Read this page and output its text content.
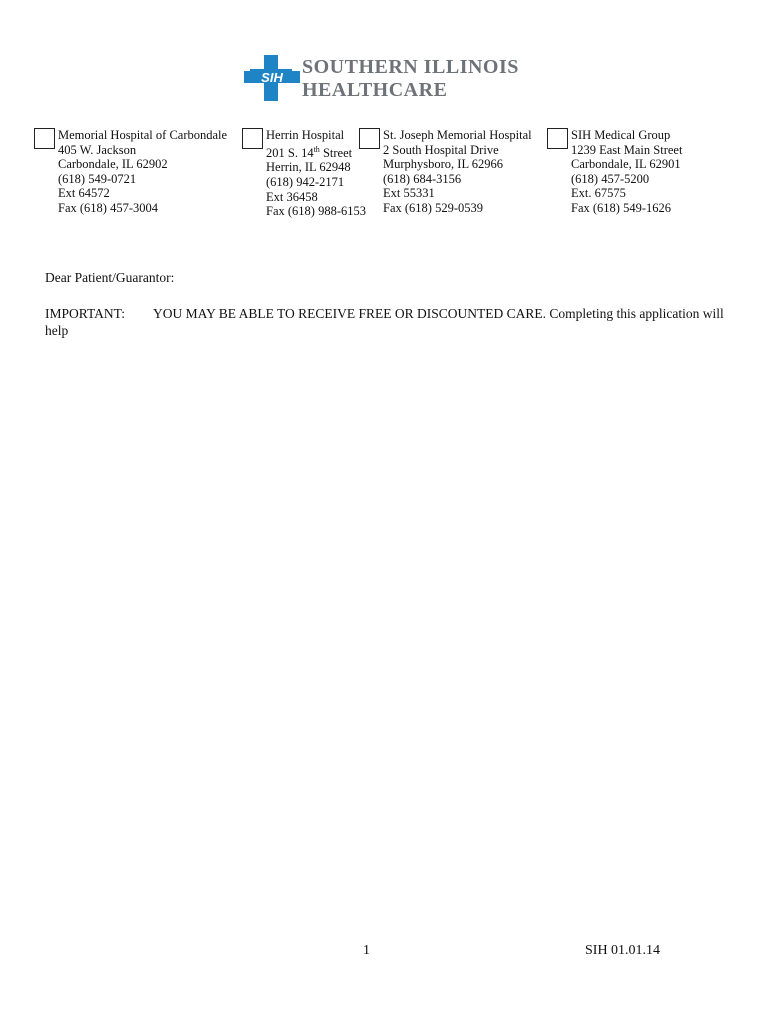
SIH SOUTHERN ILLINOIS
HEALTHCARE
Memorial Hospital of Carbondale
405 W. Jackson
Carbondale, IL 62902
(618) 549-0721
Ext 64572
Fax (618) 457-3004
Herrin Hospital
201 S. 14th Street
Herrin, IL 62948
(618) 942-2171
Ext 36458
Fax (618) 988-6153
St. Joseph Memorial Hospital
2 South Hospital Drive
Murphysboro, IL 62966
(618) 684-3156
Ext 55331
Fax (618) 529-0539
SIH Medical Group
1239 East Main Street
Carbondale, IL 62901
(618) 457-5200
Ext. 67575
Fax (618) 549-1626
Dear Patient/Guarantor:
IMPORTANT: YOU MAY BE ABLE TO RECEIVE FREE OR DISCOUNTED CARE. Completing this application will help
1	SIH 01.01.14
